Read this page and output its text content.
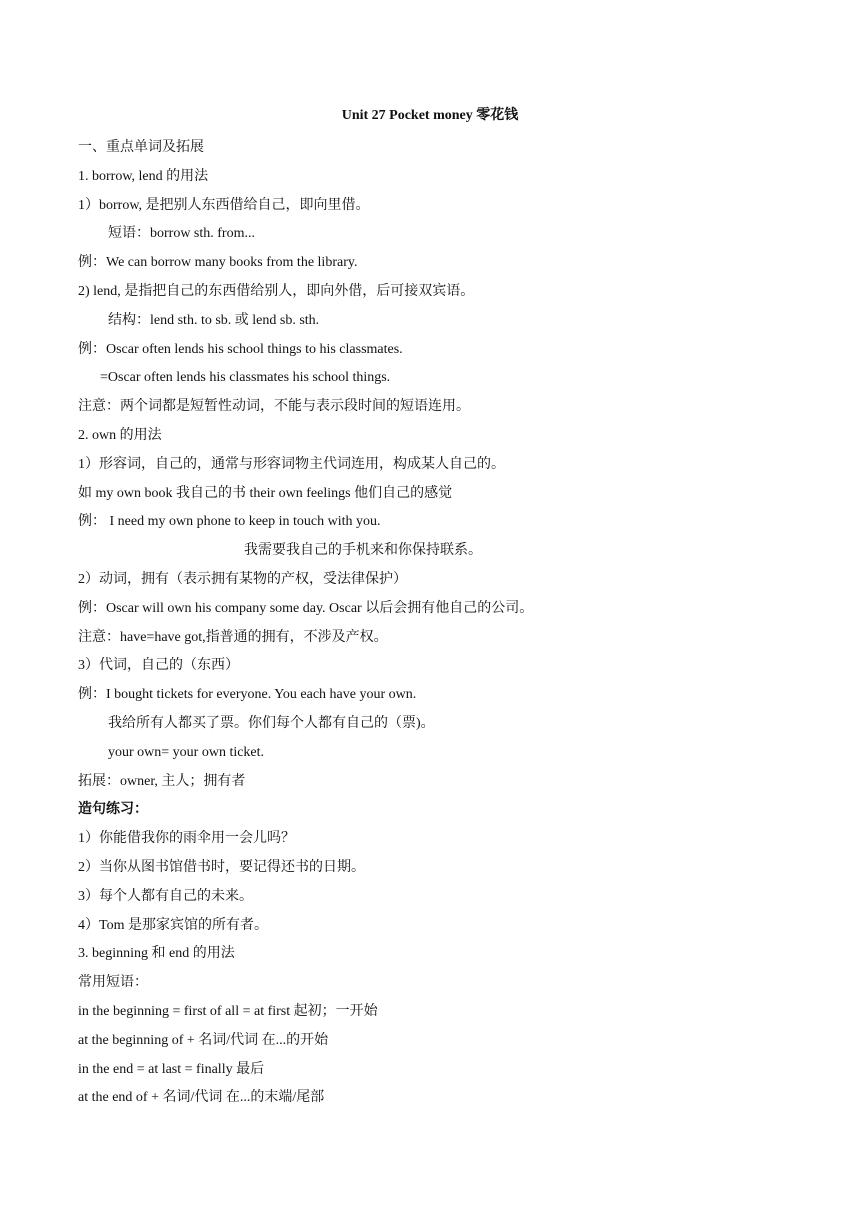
Unit 27 Pocket money 零花钱
一、重点单词及拓展
1. borrow, lend 的用法
1）borrow, 是把别人东西借给自己，即向里借。
短语：borrow sth. from...
例：We can borrow many books from the library.
2) lend, 是指把自己的东西借给别人，即向外借，后可接双宾语。
结构：lend sth. to sb. 或 lend sb. sth.
例：Oscar often lends his school things to his classmates.
=Oscar often lends his classmates his school things.
注意：两个词都是短暂性动词，不能与表示段时间的短语连用。
2. own 的用法
1）形容词，自己的，通常与形容词物主代词连用，构成某人自己的。
如 my own book 我自己的书 their own feelings 他们自己的感觉
例： I need my own phone to keep in touch with you.
我需要我自己的手机来和你保持联系。
2）动词，拥有（表示拥有某物的产权，受法律保护）
例：Oscar will own his company some day. Oscar 以后会拥有他自己的公司。
注意：have=have got,指普通的拥有，不涉及产权。
3）代词，自己的（东西）
例：I bought tickets for everyone. You each have your own.
我给所有人都买了票。你们每个人都有自己的（票)。
your own= your own ticket.
拓展：owner, 主人；拥有者
造句练习：
1）你能借我你的雨伞用一会儿吗？
2）当你从图书馆借书时，要记得还书的日期。
3）每个人都有自己的未来。
4）Tom 是那家宾馆的所有者。
3. beginning 和 end 的用法
常用短语：
in the beginning = first of all = at first 起初；一开始
at the beginning of + 名词/代词 在...的开始
in the end = at last = finally 最后
at the end of + 名词/代词 在...的末端/尾部
